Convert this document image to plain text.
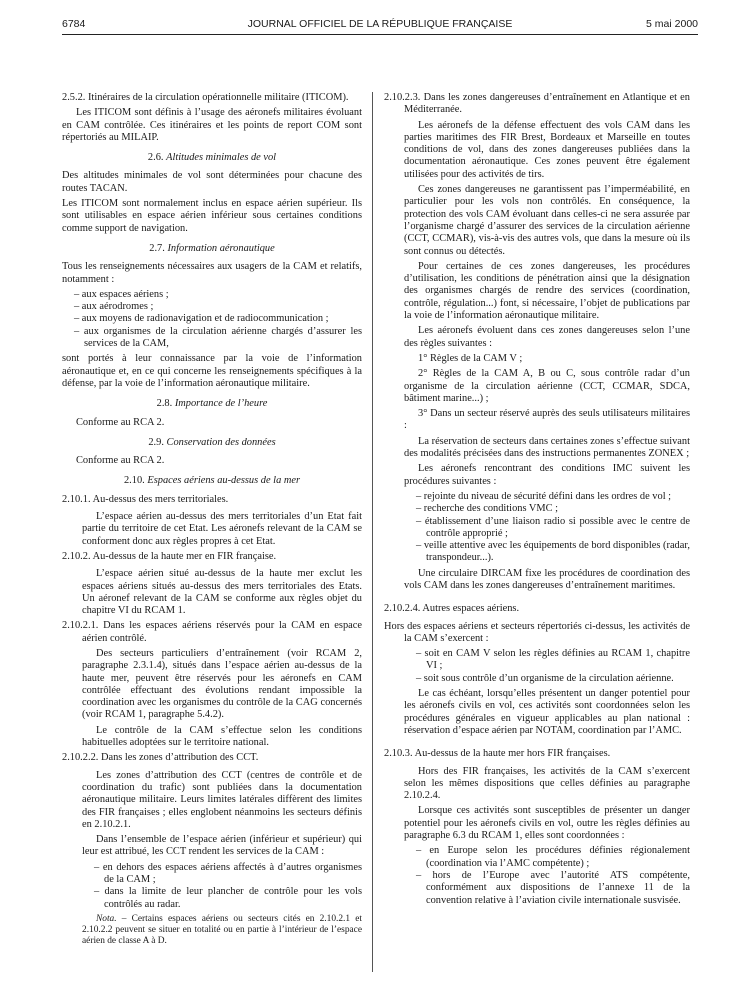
6784	JOURNAL OFFICIEL DE LA RÉPUBLIQUE FRANÇAISE	5 mai 2000

2.5.2. Itinéraires de la circulation opérationnelle militaire (ITICOM).

Les ITICOM sont définis à l’usage des aéronefs militaires évoluant en CAM contrôlée. Ces itinéraires et les points de report COM sont répertoriés au MILAIP.

2.6. Altitudes minimales de vol

Des altitudes minimales de vol sont déterminées pour chacune des routes TACAN.

Les ITICOM sont normalement inclus en espace aérien supérieur. Ils sont utilisables en espace aérien inférieur sous certaines conditions comme support de navigation.

2.7. Information aéronautique

Tous les renseignements nécessaires aux usagers de la CAM et relatifs, notamment :

– aux espaces aériens ;
– aux aérodromes ;
– aux moyens de radionavigation et de radiocommunication ;
– aux organismes de la circulation aérienne chargés d’assurer les services de la CAM,

sont portés à leur connaissance par la voie de l’information aéronautique et, en ce qui concerne les renseignements spécifiques à la défense, par la voie de l’information aéronautique militaire.

2.8. Importance de l’heure

Conforme au RCA 2.

2.9. Conservation des données

Conforme au RCA 2.

2.10. Espaces aériens au-dessus de la mer

2.10.1. Au-dessus des mers territoriales.

L’espace aérien au-dessus des mers territoriales d’un Etat fait partie du territoire de cet Etat. Les aéronefs relevant de la CAM se conforment donc aux règles propres à cet Etat.

2.10.2. Au-dessus de la haute mer en FIR française.

L’espace aérien situé au-dessus de la haute mer exclut les espaces aériens situés au-dessus des mers territoriales des Etats. Un aéronef relevant de la CAM se conforme aux règles objet du chapitre VI du RCAM 1.

2.10.2.1. Dans les espaces aériens réservés pour la CAM en espace aérien contrôlé.

Des secteurs particuliers d’entraînement (voir RCAM 2, paragraphe 2.3.1.4), situés dans l’espace aérien au-dessus de la haute mer, peuvent être réservés pour les aéronefs en CAM contrôlée effectuant des évolutions rendant impossible la coordination avec les organismes du contrôle de la CAG concernés (voir RCAM 1, paragraphe 5.4.2).

Le contrôle de la CAM s’effectue selon les conditions habituelles adoptées sur le territoire national.

2.10.2.2. Dans les zones d’attribution des CCT.

Les zones d’attribution des CCT (centres de contrôle et de coordination du trafic) sont publiées dans la documentation aéronautique militaire. Leurs limites latérales diffèrent des limites des FIR françaises ; elles englobent néanmoins les secteurs définis en 2.10.2.1.

Dans l’ensemble de l’espace aérien (inférieur et supérieur) qui leur est attribué, les CCT rendent les services de la CAM :

– en dehors des espaces aériens affectés à d’autres organismes de la CAM ;
– dans la limite de leur plancher de contrôle pour les vols contrôlés au radar.

Nota. – Certains espaces aériens ou secteurs cités en 2.10.2.1 et 2.10.2.2 peuvent se situer en totalité ou en partie à l’intérieur de l’espace aérien de classe A à D.

2.10.2.3. Dans les zones dangereuses d’entraînement en Atlantique et en Méditerranée.

Les aéronefs de la défense effectuent des vols CAM dans les parties maritimes des FIR Brest, Bordeaux et Marseille en toutes conditions de vol, dans des zones dangereuses publiées dans la documentation aéronautique. Ces zones peuvent être également utilisées pour des activités de tirs.

Ces zones dangereuses ne garantissent pas l’imperméabilité, en particulier pour les vols non contrôlés. En conséquence, la protection des vols CAM évoluant dans celles-ci ne sera assurée par l’organisme chargé d’assurer des services de la circulation aérienne (CCT, CCMAR), vis-à-vis des autres vols, que dans la mesure où ils sont connus ou détectés.

Pour certaines de ces zones dangereuses, les procédures d’utilisation, les conditions de pénétration ainsi que la désignation des organismes chargés de rendre des services (coordination, contrôle, régulation...) font, si nécessaire, l’objet de publications par la voie de l’information aéronautique militaire.

Les aéronefs évoluent dans ces zones dangereuses selon l’une des règles suivantes :

1° Règles de la CAM V ;

2° Règles de la CAM A, B ou C, sous contrôle radar d’un organisme de la circulation aérienne (CCT, CCMAR, SDCA, bâtiment marine...) ;

3° Dans un secteur réservé auprès des seuls utilisateurs militaires :

La réservation de secteurs dans certaines zones s’effectue suivant des modalités précisées dans des instructions permanentes ZONEX ;

Les aéronefs rencontrant des conditions IMC suivent les procédures suivantes :

– rejointe du niveau de sécurité défini dans les ordres de vol ;
– recherche des conditions VMC ;
– établissement d’une liaison radio si possible avec le centre de contrôle approprié ;
– veille attentive avec les équipements de bord disponibles (radar, transpondeur...).

Une circulaire DIRCAM fixe les procédures de coordination des vols CAM dans les zones dangereuses d’entraînement maritimes.

2.10.2.4. Autres espaces aériens.

Hors des espaces aériens et secteurs répertoriés ci-dessus, les activités de la CAM s’exercent :

– soit en CAM V selon les règles définies au RCAM 1, chapitre VI ;
– soit sous contrôle d’un organisme de la circulation aérienne.

Le cas échéant, lorsqu’elles présentent un danger potentiel pour les aéronefs civils en vol, ces activités sont coordonnées selon les procédures générales en vigueur applicables au plan national : réservation d’espace aérien par NOTAM, coordination par l’AMC.

2.10.3. Au-dessus de la haute mer hors FIR françaises.

Hors des FIR françaises, les activités de la CAM s’exercent selon les mêmes dispositions que celles définies au paragraphe 2.10.2.4.

Lorsque ces activités sont susceptibles de présenter un danger potentiel pour les aéronefs civils en vol, outre les règles définies au paragraphe 6.3 du RCAM 1, elles sont coordonnées :

– en Europe selon les procédures définies régionalement (coordination via l’AMC compétente) ;
– hors de l’Europe avec l’autorité ATS compétente, conformément aux dispositions de l’annexe 11 de la convention relative à l’aviation civile internationale susvisée.
